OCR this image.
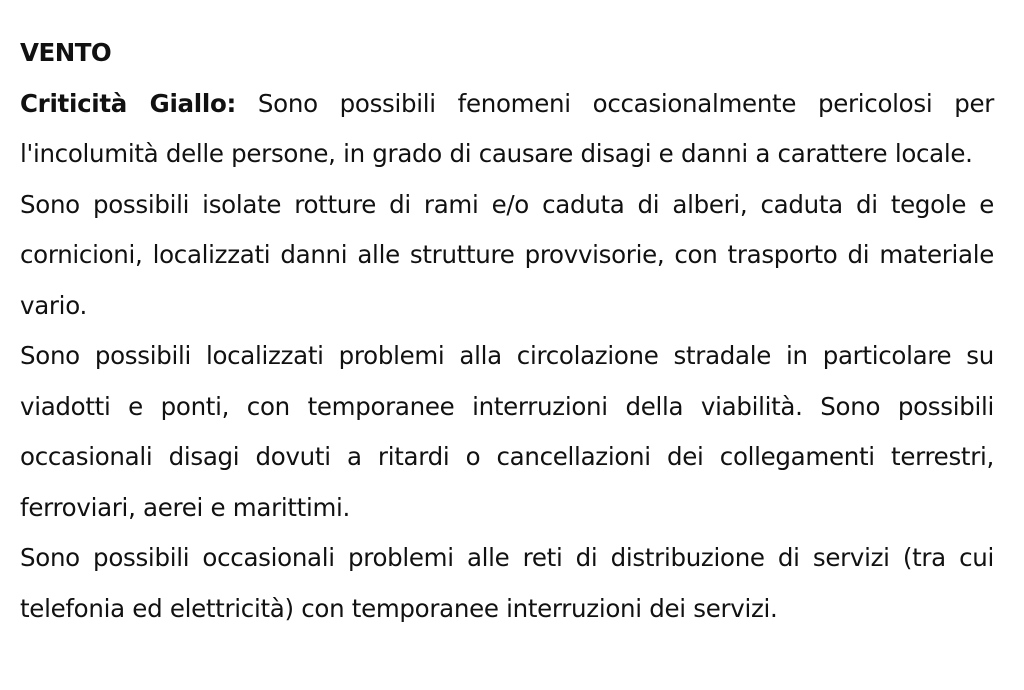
VENTO

Criticità Giallo: Sono possibili fenomeni occasionalmente pericolosi per l'incolumità delle persone, in grado di causare disagi e danni a carattere locale.

Sono possibili isolate rotture di rami e/o caduta di alberi, caduta di tegole e cornicioni, localizzati danni alle strutture provvisorie, con trasporto di materiale vario.

Sono possibili localizzati problemi alla circolazione stradale in particolare su viadotti e ponti, con temporanee interruzioni della viabilità. Sono possibili occasionali disagi dovuti a ritardi o cancellazioni dei collegamenti terrestri, ferroviari, aerei e marittimi.

Sono possibili occasionali problemi alle reti di distribuzione di servizi (tra cui telefonia ed elettricità) con temporanee interruzioni dei servizi.
